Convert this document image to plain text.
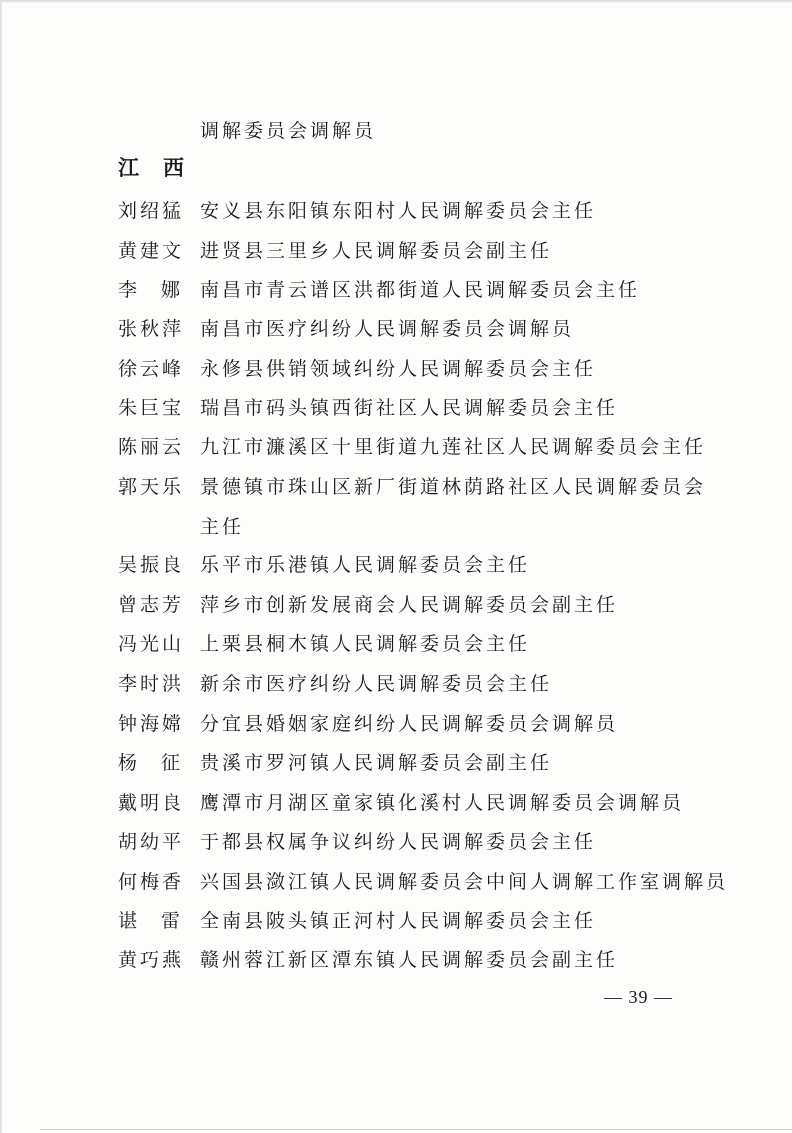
调解委员会调解员
江 西
刘绍猛 安义县东阳镇东阳村人民调解委员会主任
黄建文 进贤县三里乡人民调解委员会副主任
李 娜 南昌市青云谱区洪都街道人民调解委员会主任
张秋萍 南昌市医疗纠纷人民调解委员会调解员
徐云峰 永修县供销领域纠纷人民调解委员会主任
朱巨宝 瑞昌市码头镇西街社区人民调解委员会主任
陈丽云 九江市濂溪区十里街道九莲社区人民调解委员会主任
郭天乐 景德镇市珠山区新厂街道林荫路社区人民调解委员会
主任
吴振良 乐平市乐港镇人民调解委员会主任
曾志芳 萍乡市创新发展商会人民调解委员会副主任
冯光山 上栗县桐木镇人民调解委员会主任
李时洪 新余市医疗纠纷人民调解委员会主任
钟海嫦 分宜县婚姻家庭纠纷人民调解委员会调解员
杨 征 贵溪市罗河镇人民调解委员会副主任
戴明良 鹰潭市月湖区童家镇化溪村人民调解委员会调解员
胡幼平 于都县权属争议纠纷人民调解委员会主任
何梅香 兴国县潋江镇人民调解委员会中间人调解工作室调解员
谌 雷 全南县陂头镇正河村人民调解委员会主任
黄巧燕 赣州蓉江新区潭东镇人民调解委员会副主任
— 39 —
